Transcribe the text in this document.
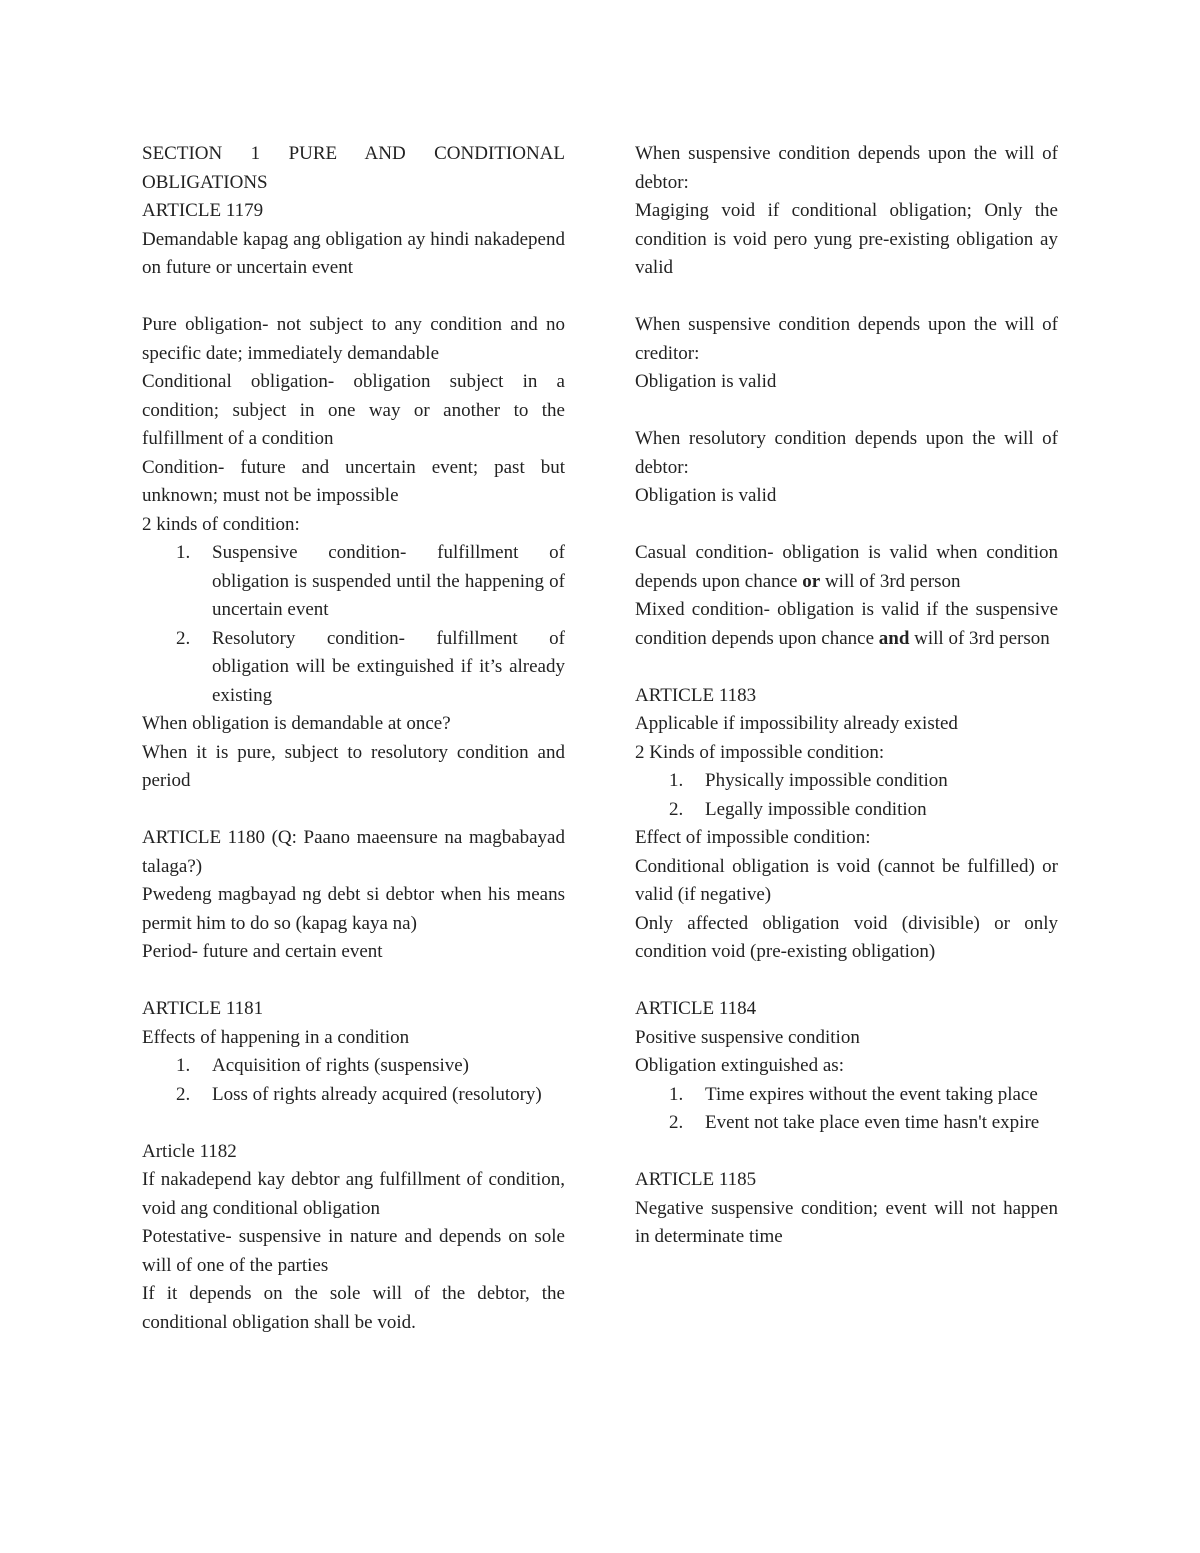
SECTION 1 PURE AND CONDITIONAL OBLIGATIONS

ARTICLE 1179

Demandable kapag ang obligation ay hindi nakadepend on future or uncertain event

Pure obligation- not subject to any condition and no specific date; immediately demandable

Conditional obligation- obligation subject in a condition; subject in one way or another to the fulfillment of a condition

Condition- future and uncertain event; past but unknown; must not be impossible

2 kinds of condition:

1. Suspensive condition- fulfillment of obligation is suspended until the happening of uncertain event
2. Resolutory condition- fulfillment of obligation will be extinguished if it’s already existing

When obligation is demandable at once?

When it is pure, subject to resolutory condition and period

ARTICLE 1180 (Q: Paano maeensure na magbabayad talaga?)

Pwedeng magbayad ng debt si debtor when his means permit him to do so (kapag kaya na)

Period- future and certain event

ARTICLE 1181

Effects of happening in a condition

1. Acquisition of rights (suspensive)
2. Loss of rights already acquired (resolutory)

Article 1182

If nakadepend kay debtor ang fulfillment of condition, void ang conditional obligation

Potestative- suspensive in nature and depends on sole will of one of the parties

If it depends on the sole will of the debtor, the conditional obligation shall be void.

When suspensive condition depends upon the will of debtor:

Magiging void if conditional obligation; Only the condition is void pero yung pre-existing obligation ay valid

When suspensive condition depends upon the will of creditor:

Obligation is valid

When resolutory condition depends upon the will of debtor:

Obligation is valid

Casual condition- obligation is valid when condition depends upon chance or will of 3rd person

Mixed condition- obligation is valid if the suspensive condition depends upon chance and will of 3rd person

ARTICLE 1183

Applicable if impossibility already existed

2 Kinds of impossible condition:

1. Physically impossible condition
2. Legally impossible condition

Effect of impossible condition:

Conditional obligation is void (cannot be fulfilled) or valid (if negative)

Only affected obligation void (divisible) or only condition void (pre-existing obligation)

ARTICLE 1184

Positive suspensive condition

Obligation extinguished as:

1. Time expires without the event taking place
2. Event not take place even time hasn't expire

ARTICLE 1185

Negative suspensive condition; event will not happen in determinate time
